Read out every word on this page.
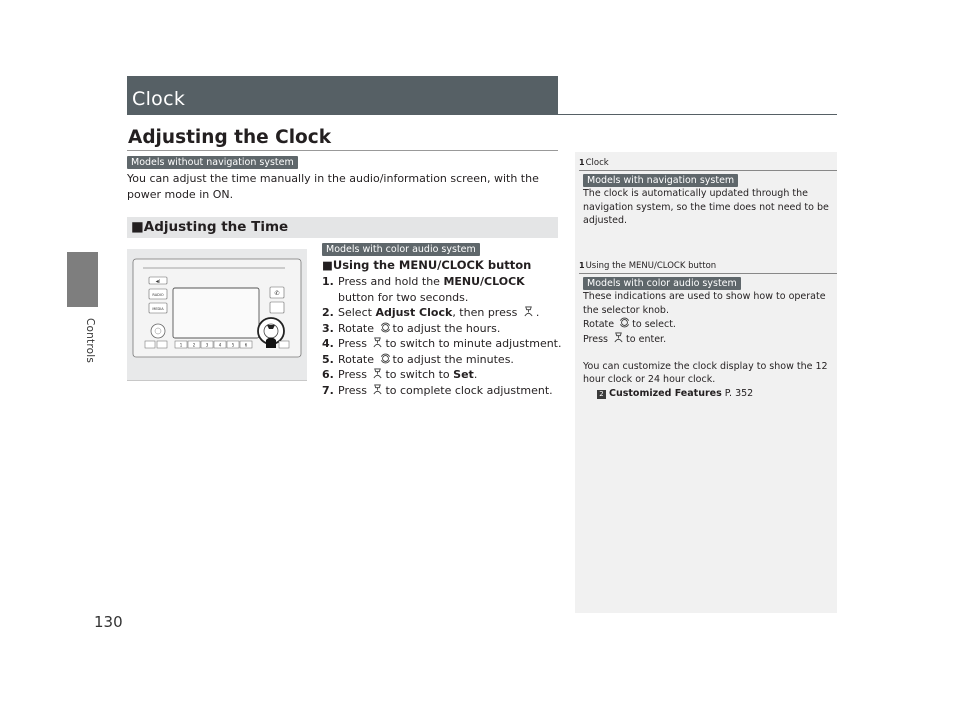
Controls
130
Clock
Adjusting the Clock
Models without navigation system
You can adjust the time manually in the audio/information screen, with the power mode in ON.
■Adjusting the Time
◀)
RADIO
MEDIA
✆
1	2	3	4	5	6
Models with color audio system
■Using the MENU/CLOCK button
1. Press and hold the MENU/CLOCK button for two seconds.
2. Select Adjust Clock, then press .
3. Rotate to adjust the hours.
4. Press to switch to minute adjustment.
5. Rotate to adjust the minutes.
6. Press to switch to Set.
7. Press to complete clock adjustment.
1Clock
Models with navigation system
The clock is automatically updated through the navigation system, so the time does not need to be adjusted.
1Using the MENU/CLOCK button
Models with color audio system
These indications are used to show how to operate the selector knob.
Rotate to select.
Press to enter.
You can customize the clock display to show the 12 hour clock or 24 hour clock.
2 Customized Features P. 352
